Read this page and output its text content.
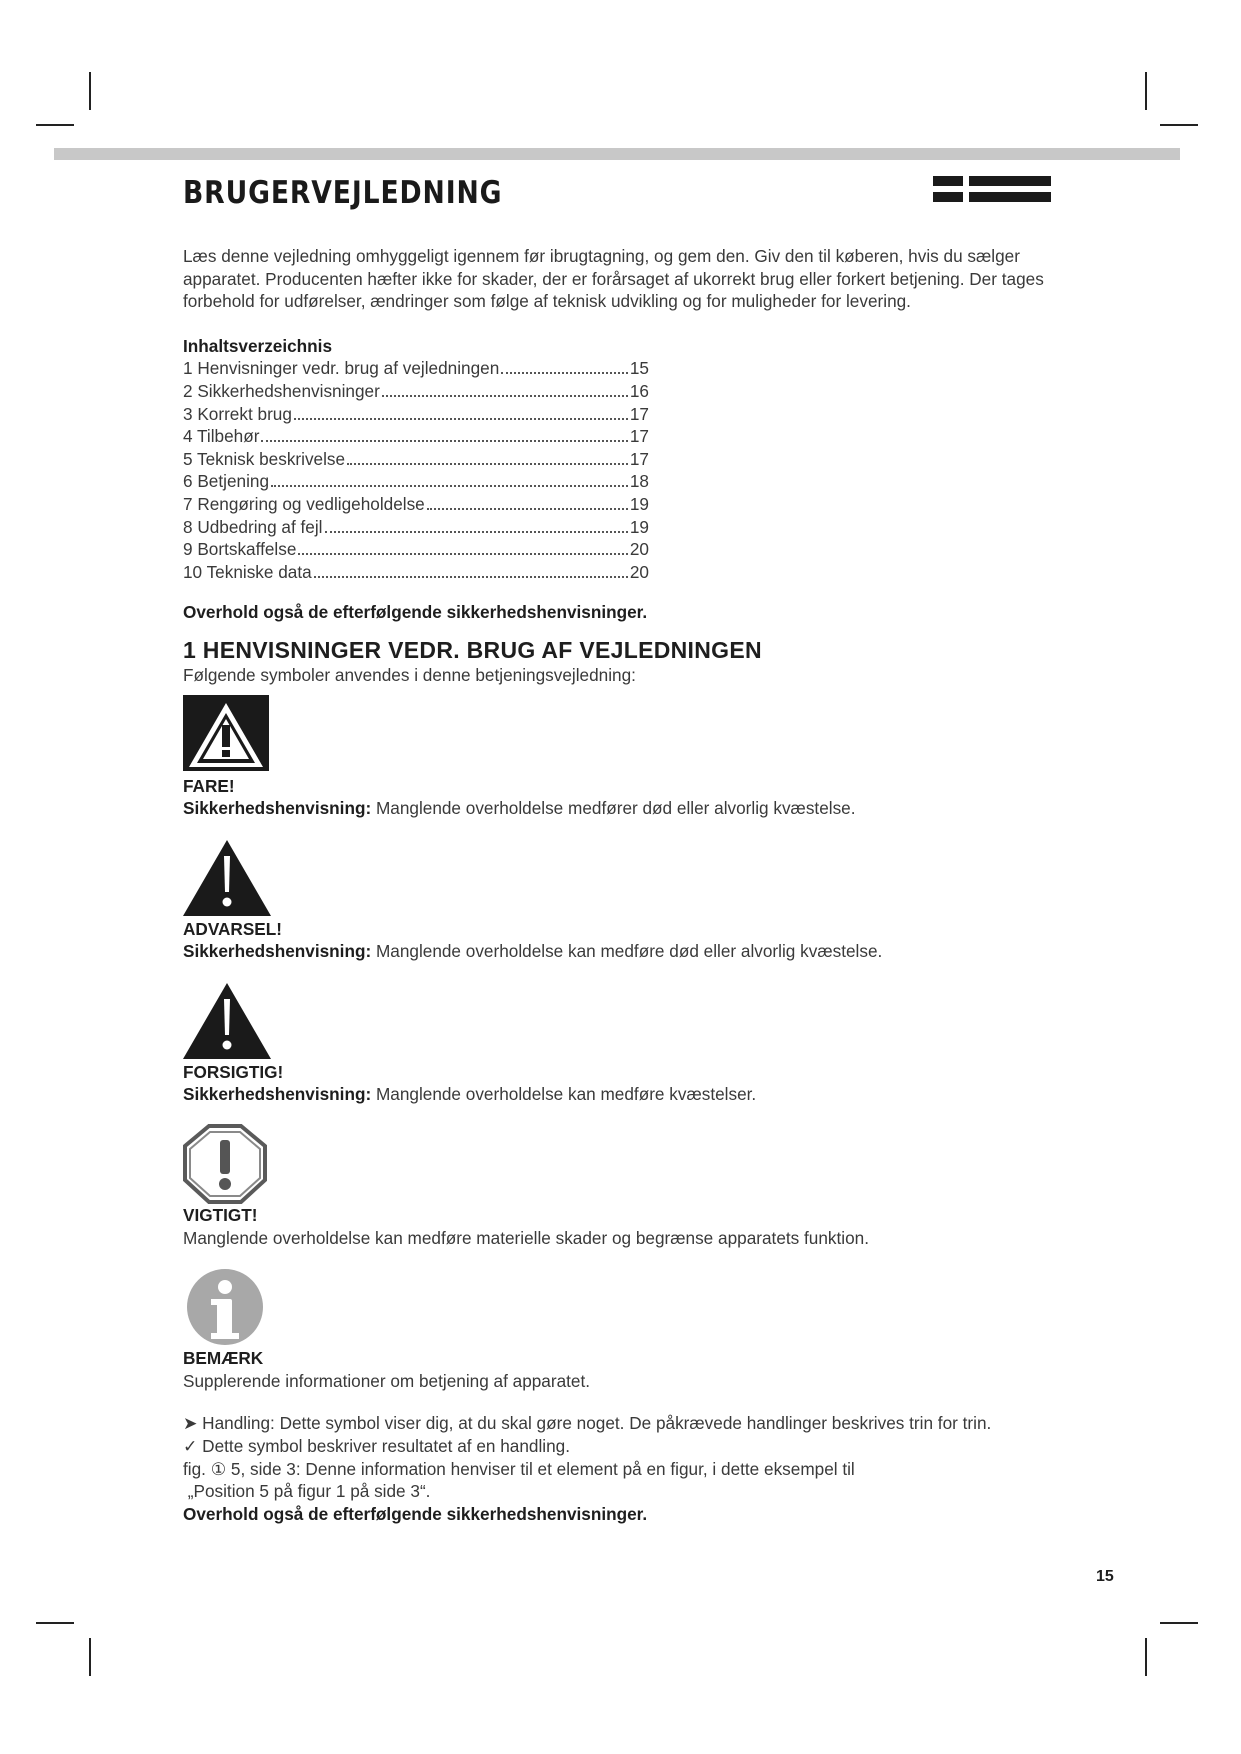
BRUGERVEJLEDNING

Læs denne vejledning omhyggeligt igennem før ibrugtagning, og gem den. Giv den til køberen, hvis du sælger apparatet. Producenten hæfter ikke for skader, der er forårsaget af ukorrekt brug eller forkert betjening. Der tages forbehold for udførelser, ændringer som følge af teknisk udvikling og for muligheder for levering.

Inhaltsverzeichnis
1 Henvisninger vedr. brug af vejledningen	15
2 Sikkerhedshenvisninger	16
3 Korrekt brug	17
4 Tilbehør	17
5 Teknisk beskrivelse	17
6 Betjening	18
7 Rengøring og vedligeholdelse	19
8 Udbedring af fejl	19
9 Bortskaffelse	20
10 Tekniske data	20
Overhold også de efterfølgende sikkerhedshenvisninger.
1 HENVISNINGER VEDR. BRUG AF VEJLEDNINGEN
Følgende symboler anvendes i denne betjeningsvejledning:
FARE!

Sikkerhedshenvisning: Manglende overholdelse medfører død eller alvorlig kvæstelse.

ADVARSEL!

Sikkerhedshenvisning: Manglende overholdelse kan medføre død eller alvorlig kvæstelse.

FORSIGTIG!

Sikkerhedshenvisning: Manglende overholdelse kan medføre kvæstelser.

VIGTIGT!

Manglende overholdelse kan medføre materielle skader og begrænse apparatets funktion.

BEMÆRK

Supplerende informationer om betjening af apparatet.

➤ Handling: Dette symbol viser dig, at du skal gøre noget. De påkrævede handlinger beskrives trin for trin.

✓ Dette symbol beskriver resultatet af en handling.

fig. ① 5, side 3: Denne information henviser til et element på en figur, i dette eksempel til

„Position 5 på figur 1 på side 3“.

Overhold også de efterfølgende sikkerhedshenvisninger.
15
